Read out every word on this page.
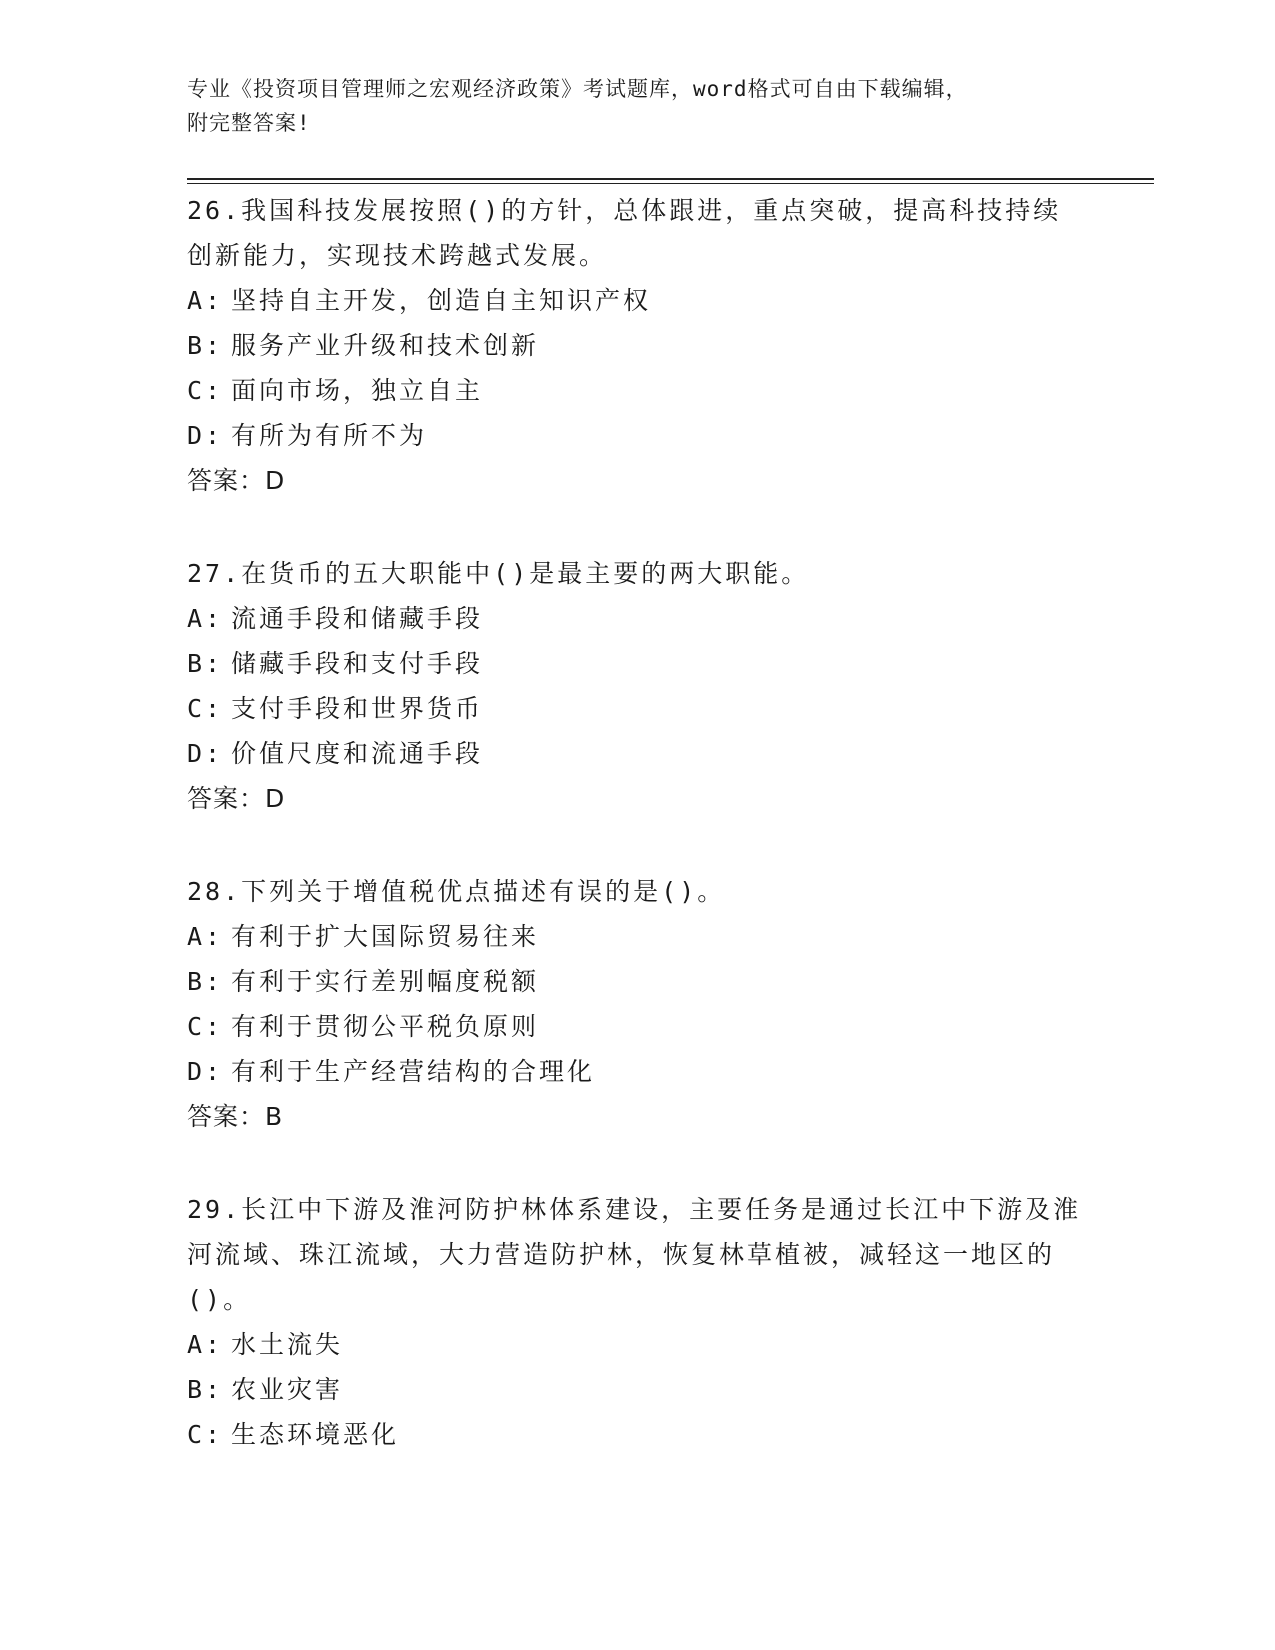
专业《投资项目管理师之宏观经济政策》考试题库，word格式可自由下载编辑，
附完整答案!

26.我国科技发展按照()的方针，总体跟进，重点突破，提高科技持续创新能力，实现技术跨越式发展。

A: 坚持自主开发，创造自主知识产权
B: 服务产业升级和技术创新
C: 面向市场，独立自主
D: 有所为有所不为
答案：D

27.在货币的五大职能中()是最主要的两大职能。

A: 流通手段和储藏手段
B: 储藏手段和支付手段
C: 支付手段和世界货币
D: 价值尺度和流通手段
答案：D

28.下列关于增值税优点描述有误的是()。

A: 有利于扩大国际贸易往来
B: 有利于实行差别幅度税额
C: 有利于贯彻公平税负原则
D: 有利于生产经营结构的合理化
答案：B

29.长江中下游及淮河防护林体系建设，主要任务是通过长江中下游及淮河流域、珠江流域，大力营造防护林，恢复林草植被，减轻这一地区的()。

A: 水土流失
B: 农业灾害
C: 生态环境恶化
